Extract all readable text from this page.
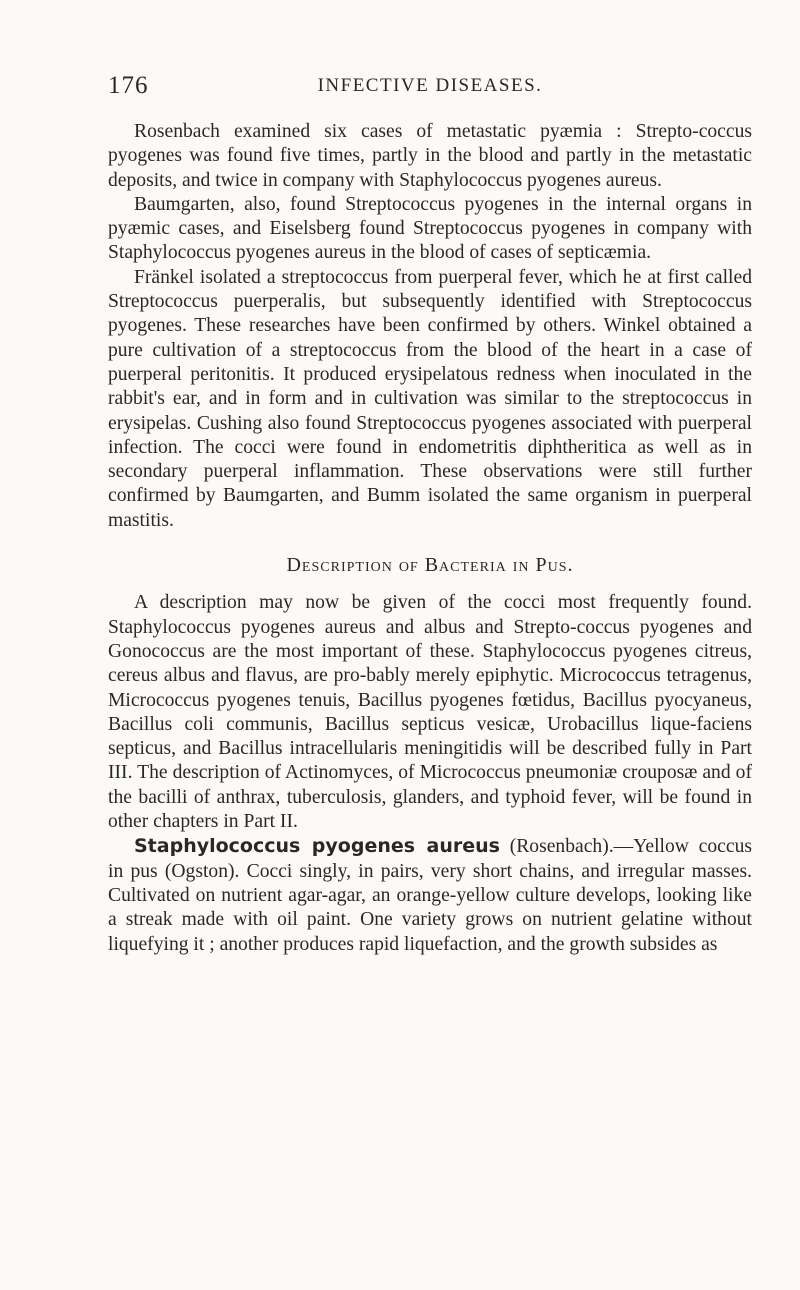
176	INFECTIVE DISEASES.

Rosenbach examined six cases of metastatic pyæmia : Strepto-coccus pyogenes was found five times, partly in the blood and partly in the metastatic deposits, and twice in company with Staphylococcus pyogenes aureus.

Baumgarten, also, found Streptococcus pyogenes in the internal organs in pyæmic cases, and Eiselsberg found Streptococcus pyogenes in company with Staphylococcus pyogenes aureus in the blood of cases of septicæmia.

Fränkel isolated a streptococcus from puerperal fever, which he at first called Streptococcus puerperalis, but subsequently identified with Streptococcus pyogenes. These researches have been confirmed by others. Winkel obtained a pure cultivation of a streptococcus from the blood of the heart in a case of puerperal peritonitis. It produced erysipelatous redness when inoculated in the rabbit's ear, and in form and in cultivation was similar to the streptococcus in erysipelas. Cushing also found Streptococcus pyogenes associated with puerperal infection. The cocci were found in endometritis diphtheritica as well as in secondary puerperal inflammation. These observations were still further confirmed by Baumgarten, and Bumm isolated the same organism in puerperal mastitis.

Description of Bacteria in Pus.

A description may now be given of the cocci most frequently found. Staphylococcus pyogenes aureus and albus and Strepto-coccus pyogenes and Gonococcus are the most important of these. Staphylococcus pyogenes citreus, cereus albus and flavus, are pro-bably merely epiphytic. Micrococcus tetragenus, Micrococcus pyogenes tenuis, Bacillus pyogenes fœtidus, Bacillus pyocyaneus, Bacillus coli communis, Bacillus septicus vesicæ, Urobacillus lique-faciens septicus, and Bacillus intracellularis meningitidis will be described fully in Part III. The description of Actinomyces, of Micrococcus pneumoniæ crouposæ and of the bacilli of anthrax, tuberculosis, glanders, and typhoid fever, will be found in other chapters in Part II.

Staphylococcus pyogenes aureus (Rosenbach).—Yellow coccus in pus (Ogston). Cocci singly, in pairs, very short chains, and irregular masses. Cultivated on nutrient agar-agar, an orange-yellow culture develops, looking like a streak made with oil paint. One variety grows on nutrient gelatine without liquefying it ; another produces rapid liquefaction, and the growth subsides as
